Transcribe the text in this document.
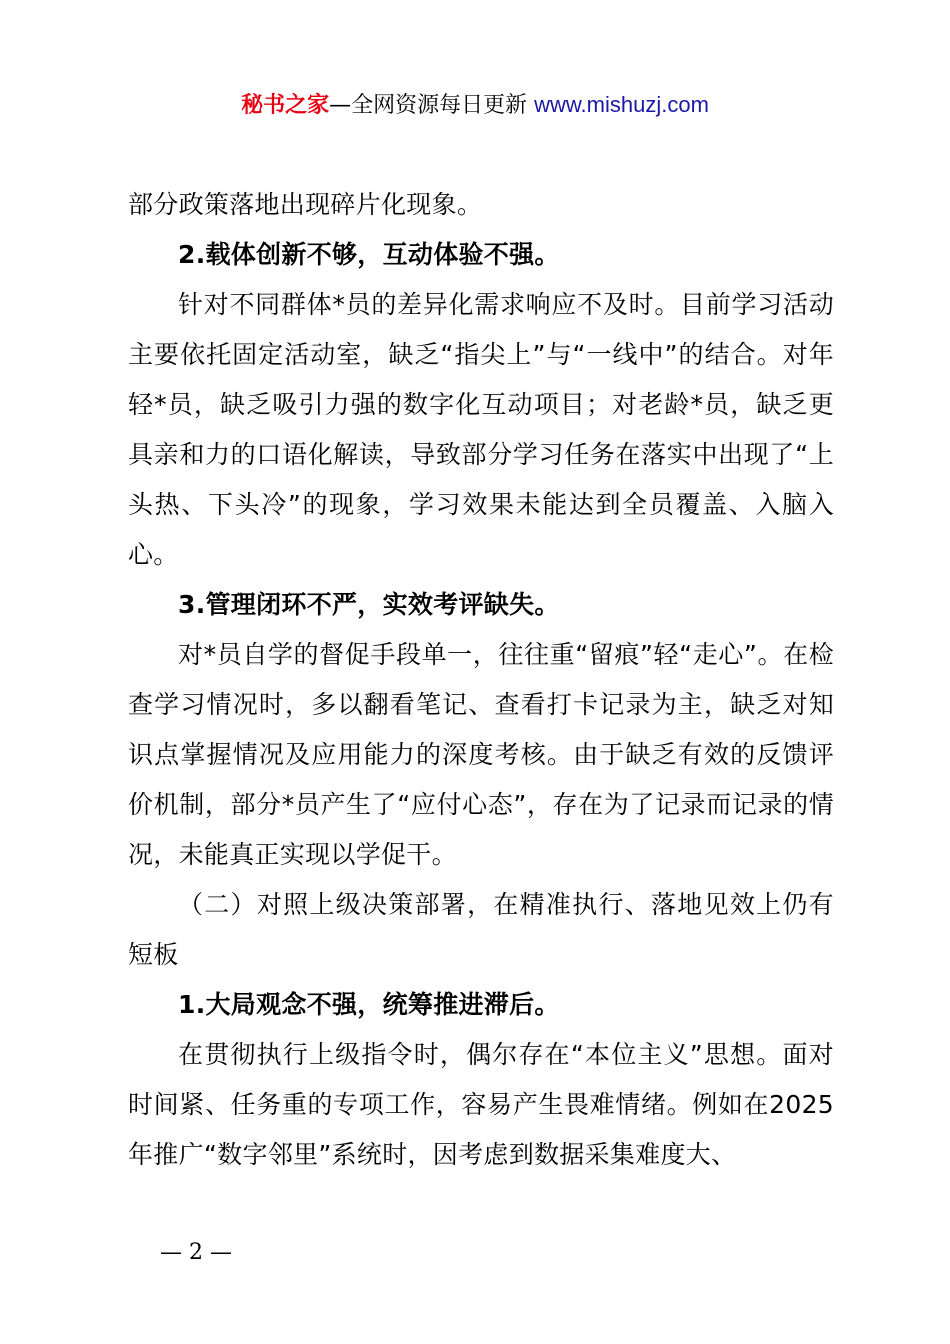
秘书之家—全网资源每日更新 www.mishuzj.com

部分政策落地出现碎片化现象。

2.载体创新不够，互动体验不强。

针对不同群体*员的差异化需求响应不及时。目前学习活动主要依托固定活动室，缺乏“指尖上”与“一线中”的结合。对年轻*员，缺乏吸引力强的数字化互动项目；对老龄*员，缺乏更具亲和力的口语化解读，导致部分学习任务在落实中出现了“上头热、下头冷”的现象，学习效果未能达到全员覆盖、入脑入心。

3.管理闭环不严，实效考评缺失。

对*员自学的督促手段单一，往往重“留痕”轻“走心”。在检查学习情况时，多以翻看笔记、查看打卡记录为主，缺乏对知识点掌握情况及应用能力的深度考核。由于缺乏有效的反馈评价机制，部分*员产生了“应付心态”，存在为了记录而记录的情况，未能真正实现以学促干。

（二）对照上级决策部署，在精准执行、落地见效上仍有短板

1.大局观念不强，统筹推进滞后。

在贯彻执行上级指令时，偶尔存在“本位主义”思想。面对时间紧、任务重的专项工作，容易产生畏难情绪。例如在2025年推广“数字邻里”系统时，因考虑到数据采集难度大、

— 2 —
